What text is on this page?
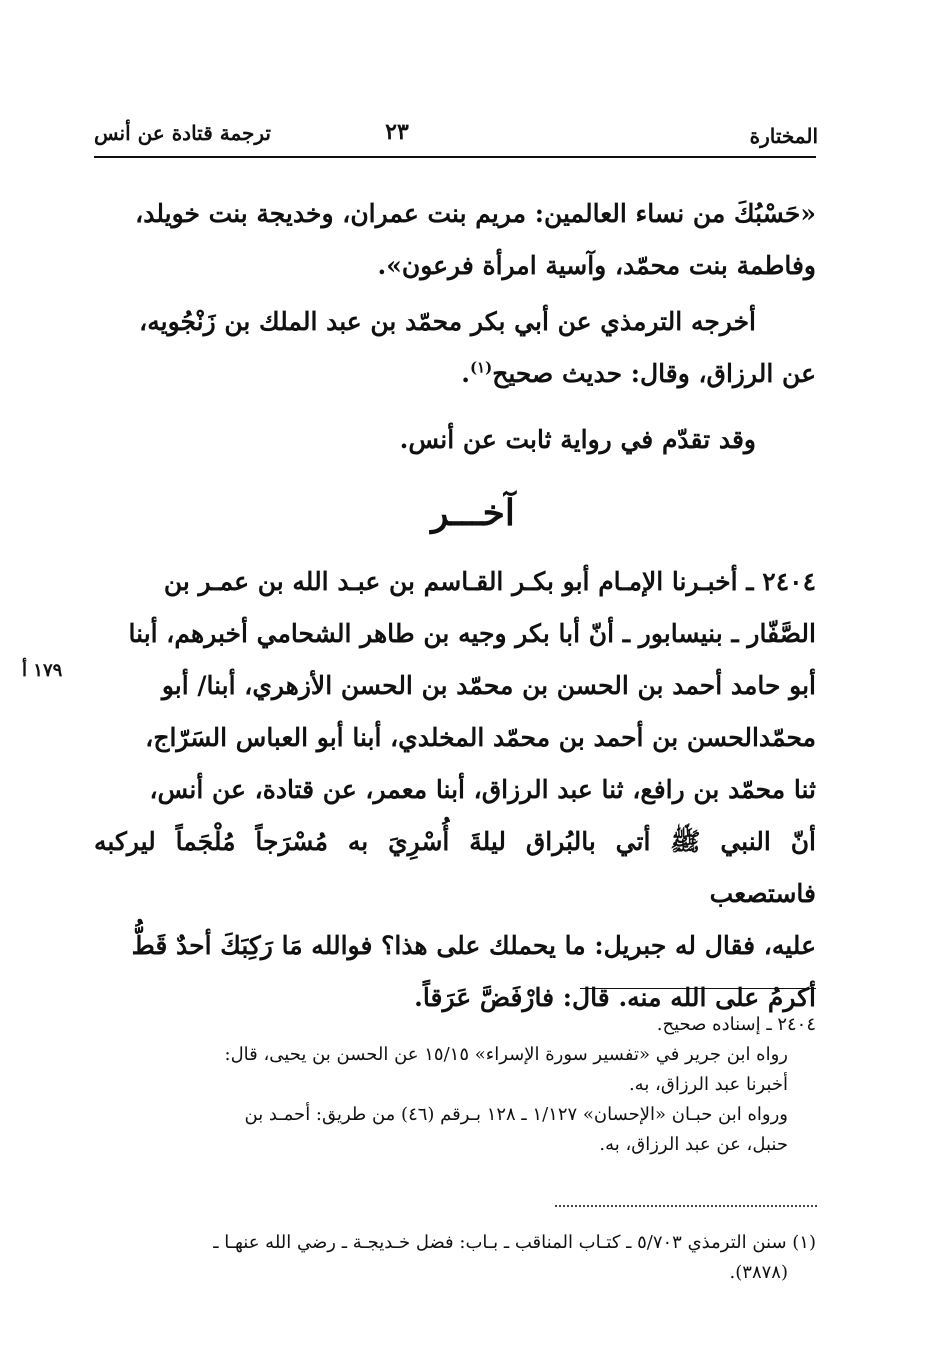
المختارة
٢٣
ترجمة قتادة عن أنس
«حَسْبُكَ من نساء العالمين: مريم بنت عمران، وخديجة بنت خويلد،
وفاطمة بنت محمّد، وآسية امرأة فرعون».
أخرجه الترمذي عن أبي بكر محمّد بن عبد الملك بن زَنْجُويه،
عن الرزاق، وقال: حديث صحيح$^{(١)}$.
وقد تقدّم في رواية ثابت عن أنس.
آخـــر
٢٤٠٤ ـ أخبـرنا الإمـام أبو بكـر القـاسم بن عبـد الله بن عمـر بن
الصَّفّار ـ بنيسابور ـ أنّ أبا بكر وجيه بن طاهر الشحامي أخبرهم، أبنا
أبو حامد أحمد بن الحسن بن محمّد بن الحسن الأزهري، أبنا/ أبو
محمّدالحسن بن أحمد بن محمّد المخلدي، أبنا أبو العباس السَرّاج،
ثنا محمّد بن رافع، ثنا عبد الرزاق، أبنا معمر، عن قتادة، عن أنس،
أنّ النبي ﷺ أتي بالبُراق ليلةَ أُسْرِيَ به مُسْرَجاً مُلْجَماً ليركبه فاستصعب
عليه، فقال له جبريل: ما يحملك على هذا؟ فوالله مَا رَكِبَكَ أحدٌ قَطُّ
أكرمُ على الله منه. قال: فارْفَضَّ عَرَقاً.
١٧٩ أ
٢٤٠٤ ـ إسناده صحيح.
رواه ابن جرير في «تفسير سورة الإسراء» ١٥/١٥ عن الحسن بن يحيى، قال:
أخبرنا عبد الرزاق، به.
ورواه ابن حبـان «الإحسان» ١/١٢٧ ـ ١٢٨ بـرقم (٤٦) من طريق: أحمـد بن
حنبل، عن عبد الرزاق، به.
(١) سنن الترمذي ٥/٧٠٣ ـ كتـاب المناقب ـ بـاب: فضل خـديجـة ـ رضي الله عنهـا ـ
(٣٨٧٨).
